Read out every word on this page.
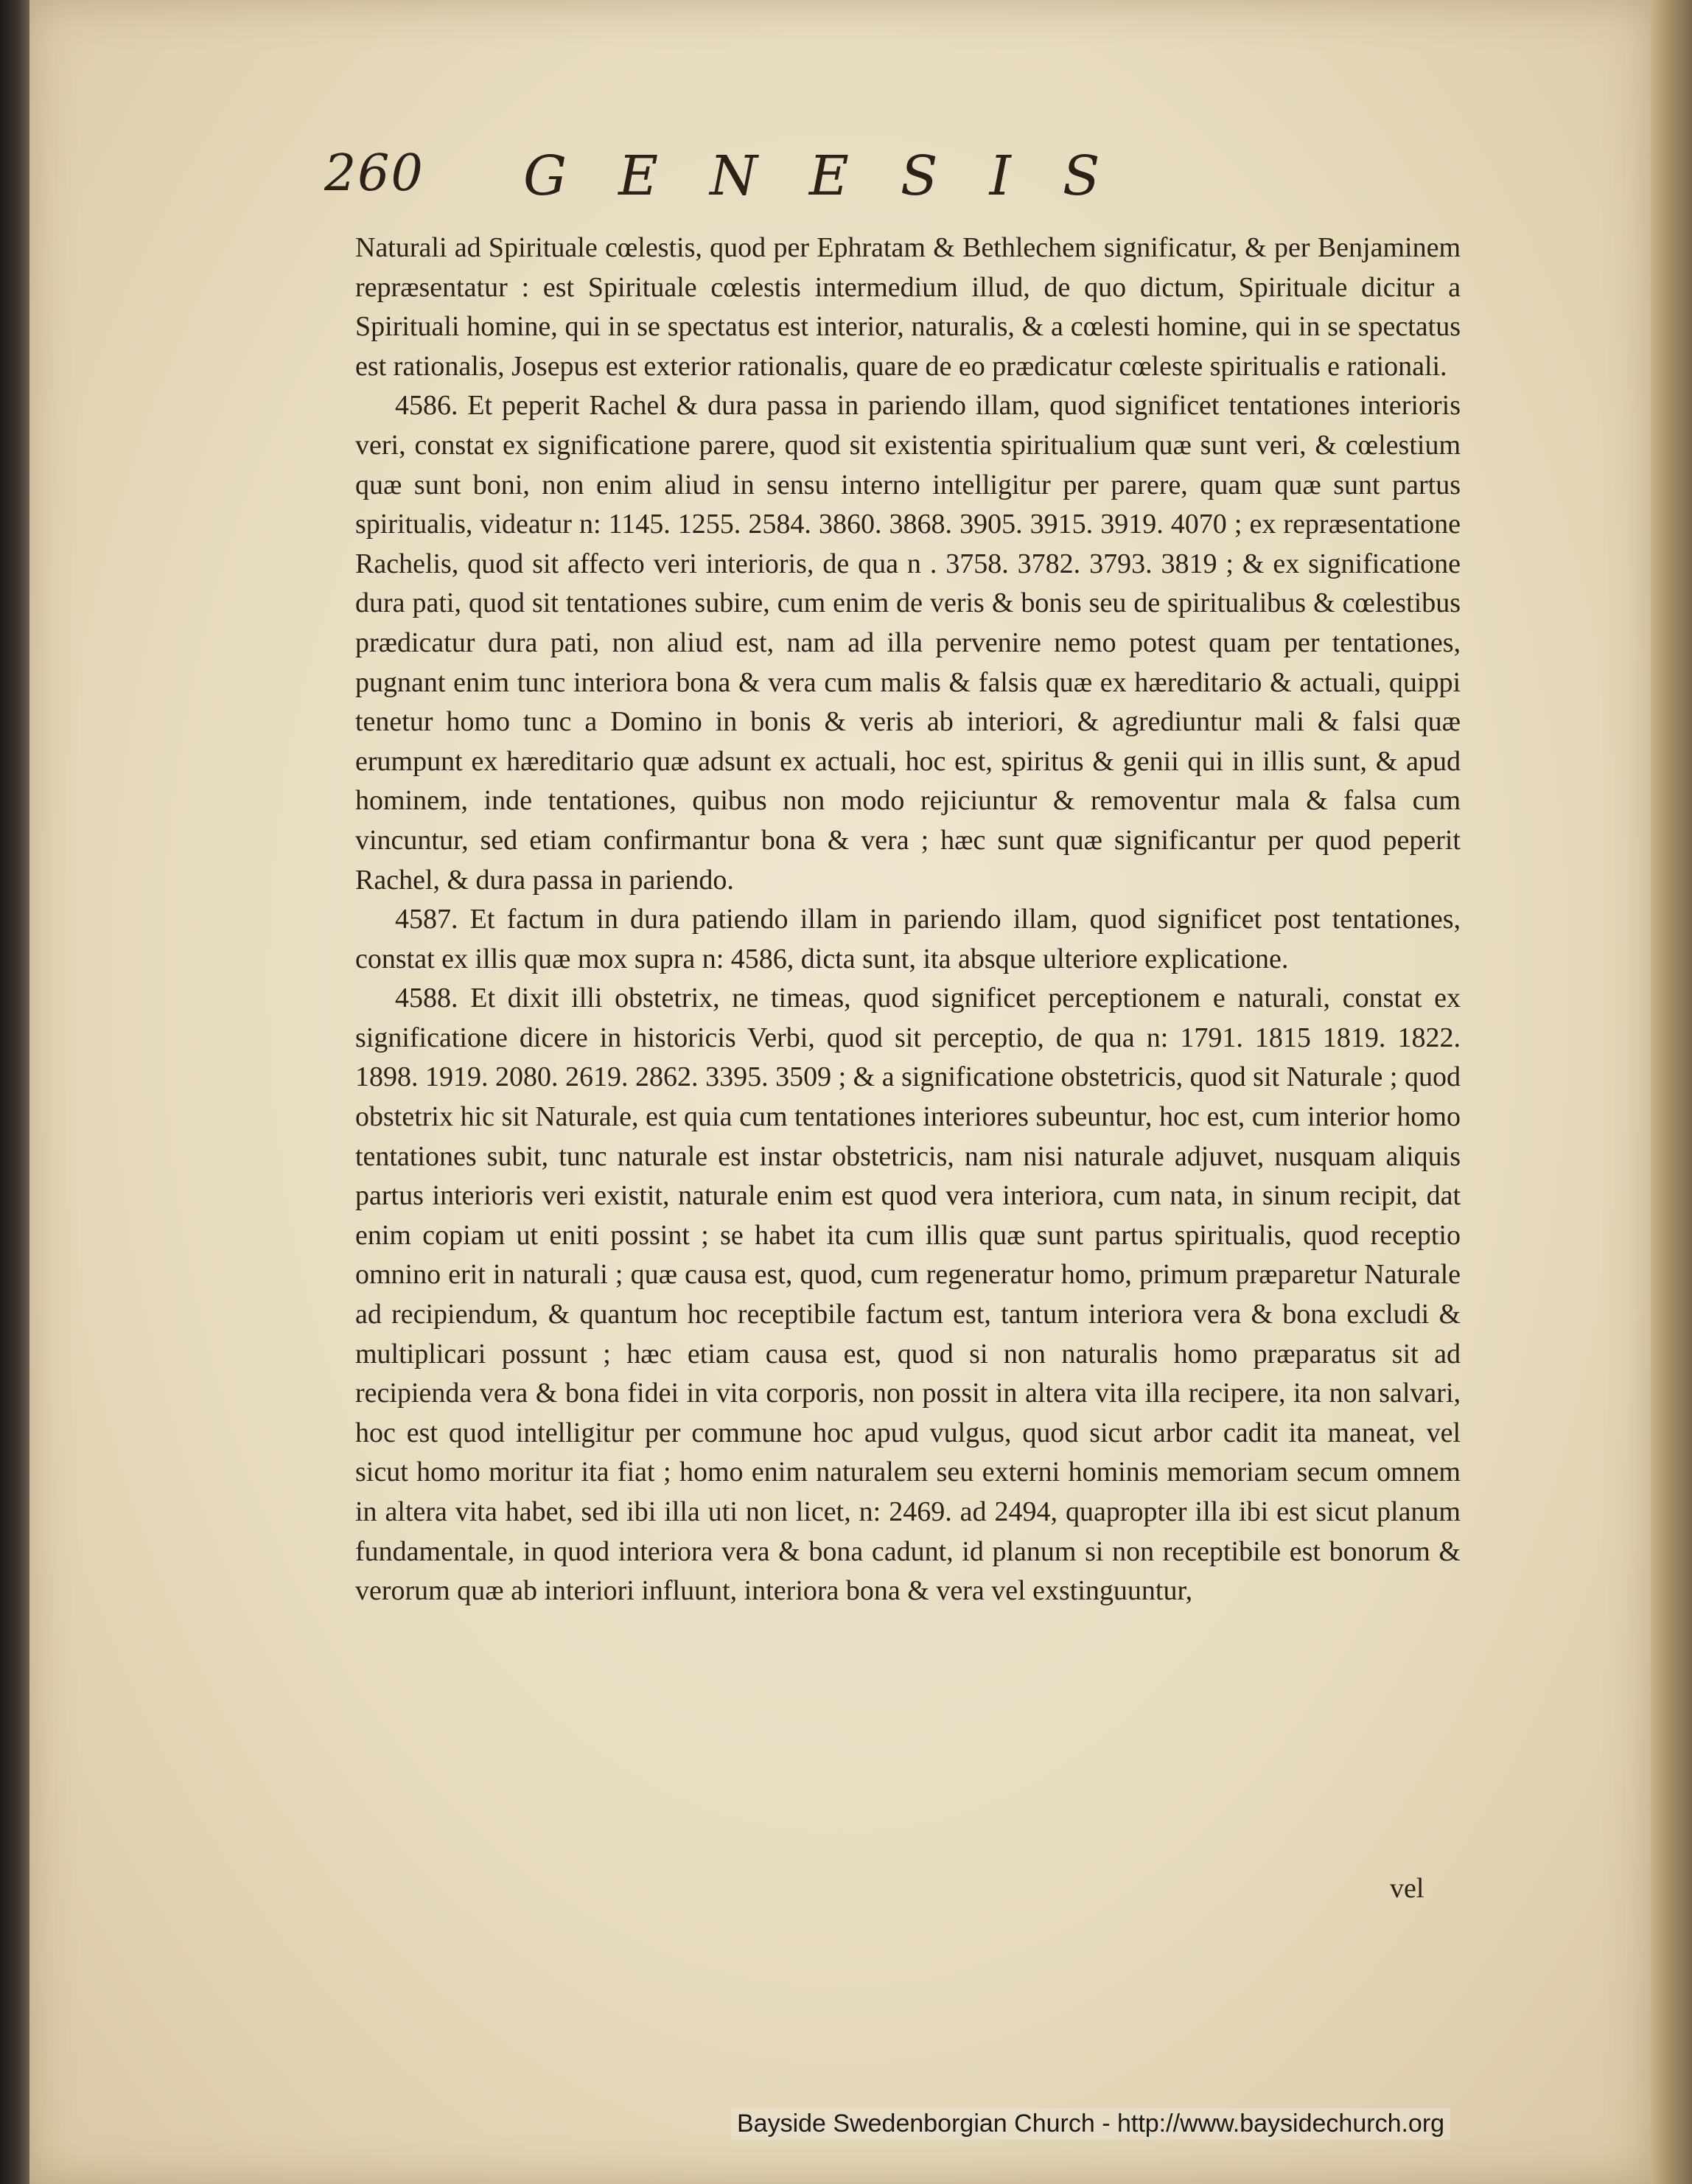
260 GENESIS

Naturali ad Spirituale cœlestis, quod per Ephratam & Bethlechem significatur, & per Benjaminem repræsentatur : est Spirituale cœlestis intermedium illud, de quo dictum, Spirituale dicitur a Spirituali homine, qui in se spectatus est interior, naturalis, & a cœlesti homine, qui in se spectatus est rationalis, Josepus est exterior rationalis, quare de eo prædicatur cœleste spiritualis e rationali.

4586. Et peperit Rachel & dura passa in pariendo illam, quod significet tentationes interioris veri, constat ex significatione parere, quod sit existentia spiritualium quæ sunt veri, & cœlestium quæ sunt boni, non enim aliud in sensu interno intelligitur per parere, quam quæ sunt partus spiritualis, videatur n: 1145. 1255. 2584. 3860. 3868. 3905. 3915. 3919. 4070 ; ex repræsentatione Rachelis, quod sit affecto veri interioris, de qua n . 3758. 3782. 3793. 3819 ; & ex significatione dura pati, quod sit tentationes subire, cum enim de veris & bonis seu de spiritualibus & cœlestibus prædicatur dura pati, non aliud est, nam ad illa pervenire nemo potest quam per tentationes, pugnant enim tunc interiora bona & vera cum malis & falsis quæ ex hæreditario & actuali, quippi tenetur homo tunc a Domino in bonis & veris ab interiori, & agrediuntur mali & falsi quæ erumpunt ex hæreditario quæ adsunt ex actuali, hoc est, spiritus & genii qui in illis sunt, & apud hominem, inde tentationes, quibus non modo rejiciuntur & removentur mala & falsa cum vincuntur, sed etiam confirmantur bona & vera ; hæc sunt quæ significantur per quod peperit Rachel, & dura passa in pariendo.

4587. Et factum in dura patiendo illam in pariendo illam, quod significet post tentationes, constat ex illis quæ mox supra n: 4586, dicta sunt, ita absque ulteriore explicatione.

4588. Et dixit illi obstetrix, ne timeas, quod significet perceptionem e naturali, constat ex significatione dicere in historicis Verbi, quod sit perceptio, de qua n: 1791. 1815 1819. 1822. 1898. 1919. 2080. 2619. 2862. 3395. 3509 ; & a significatione obstetricis, quod sit Naturale ; quod obstetrix hic sit Naturale, est quia cum tentationes interiores subeuntur, hoc est, cum interior homo tentationes subit, tunc naturale est instar obstetricis, nam nisi naturale adjuvet, nusquam aliquis partus interioris veri existit, naturale enim est quod vera interiora, cum nata, in sinum recipit, dat enim copiam ut eniti possint ; se habet ita cum illis quæ sunt partus spiritualis, quod receptio omnino erit in naturali ; quæ causa est, quod, cum regeneratur homo, primum præparetur Naturale ad recipiendum, & quantum hoc receptibile factum est, tantum interiora vera & bona excludi & multiplicari possunt ; hæc etiam causa est, quod si non naturalis homo præparatus sit ad recipienda vera & bona fidei in vita corporis, non possit in altera vita illa recipere, ita non salvari, hoc est quod intelligitur per commune hoc apud vulgus, quod sicut arbor cadit ita maneat, vel sicut homo moritur ita fiat ; homo enim naturalem seu externi hominis memoriam secum omnem in altera vita habet, sed ibi illa uti non licet, n: 2469. ad 2494, quapropter illa ibi est sicut planum fundamentale, in quod interiora vera & bona cadunt, id planum si non receptibile est bonorum & verorum quæ ab interiori influunt, interiora bona & vera vel exstinguuntur,

vel
Bayside Swedenborgian Church - http://www.baysidechurch.org
